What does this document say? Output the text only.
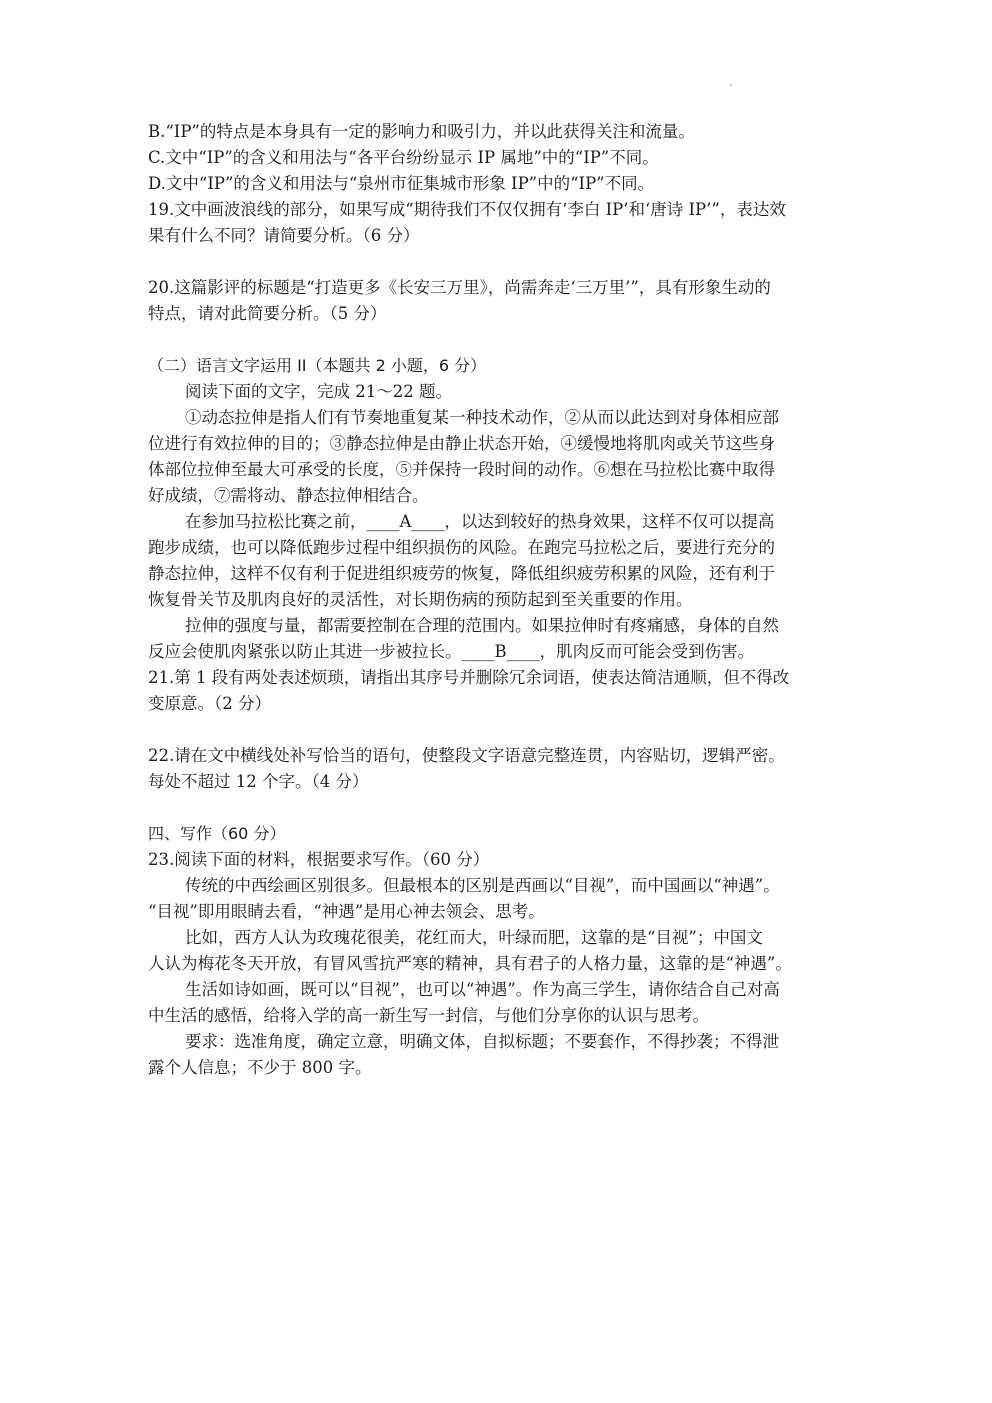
B.“IP”的特点是本身具有一定的影响力和吸引力，并以此获得关注和流量。
C.文中“IP”的含义和用法与“各平台纷纷显示 IP 属地”中的“IP”不同。
D.文中“IP”的含义和用法与“泉州市征集城市形象 IP”中的“IP”不同。
19.文中画波浪线的部分，如果写成“期待我们不仅仅拥有‘李白 IP’和‘唐诗 IP’”，表达效
果有什么不同？请简要分析。（6 分）
20.这篇影评的标题是“打造更多《长安三万里》，尚需奔走‘三万里’”，具有形象生动的
特点，请对此简要分析。（5 分）
（二）语言文字运用 II（本题共 2 小题，6 分）
阅读下面的文字，完成 21～22 题。
①动态拉伸是指人们有节奏地重复某一种技术动作，②从而以此达到对身体相应部
位进行有效拉伸的目的；③静态拉伸是由静止状态开始，④缓慢地将肌肉或关节这些身
体部位拉伸至最大可承受的长度，⑤并保持一段时间的动作。⑥想在马拉松比赛中取得
好成绩，⑦需将动、静态拉伸相结合。
在参加马拉松比赛之前，____A____，以达到较好的热身效果，这样不仅可以提高
跑步成绩，也可以降低跑步过程中组织损伤的风险。在跑完马拉松之后，要进行充分的
静态拉伸，这样不仅有利于促进组织疲劳的恢复，降低组织疲劳积累的风险，还有利于
恢复骨关节及肌肉良好的灵活性，对长期伤病的预防起到至关重要的作用。
拉伸的强度与量，都需要控制在合理的范围内。如果拉伸时有疼痛感，身体的自然
反应会使肌肉紧张以防止其进一步被拉长。____B____，肌肉反而可能会受到伤害。
21.第 1 段有两处表述烦琐，请指出其序号并删除冗余词语，使表达简洁通顺，但不得改
变原意。（2 分）
22.请在文中横线处补写恰当的语句，使整段文字语意完整连贯，内容贴切，逻辑严密。
每处不超过 12 个字。（4 分）
四、写作（60 分）
23.阅读下面的材料，根据要求写作。（60 分）
传统的中西绘画区别很多。但最根本的区别是西画以“目视”，而中国画以“神遇”。
“目视”即用眼睛去看，“神遇”是用心神去领会、思考。
比如，西方人认为玫瑰花很美，花红而大，叶绿而肥，这靠的是“目视”；中国文
人认为梅花冬天开放，有冒风雪抗严寒的精神，具有君子的人格力量，这靠的是“神遇”。
生活如诗如画，既可以“目视”，也可以“神遇”。作为高三学生，请你结合自己对高
中生活的感悟，给将入学的高一新生写一封信，与他们分享你的认识与思考。
要求：选准角度，确定立意，明确文体，自拟标题；不要套作，不得抄袭；不得泄
露个人信息；不少于 800 字。
